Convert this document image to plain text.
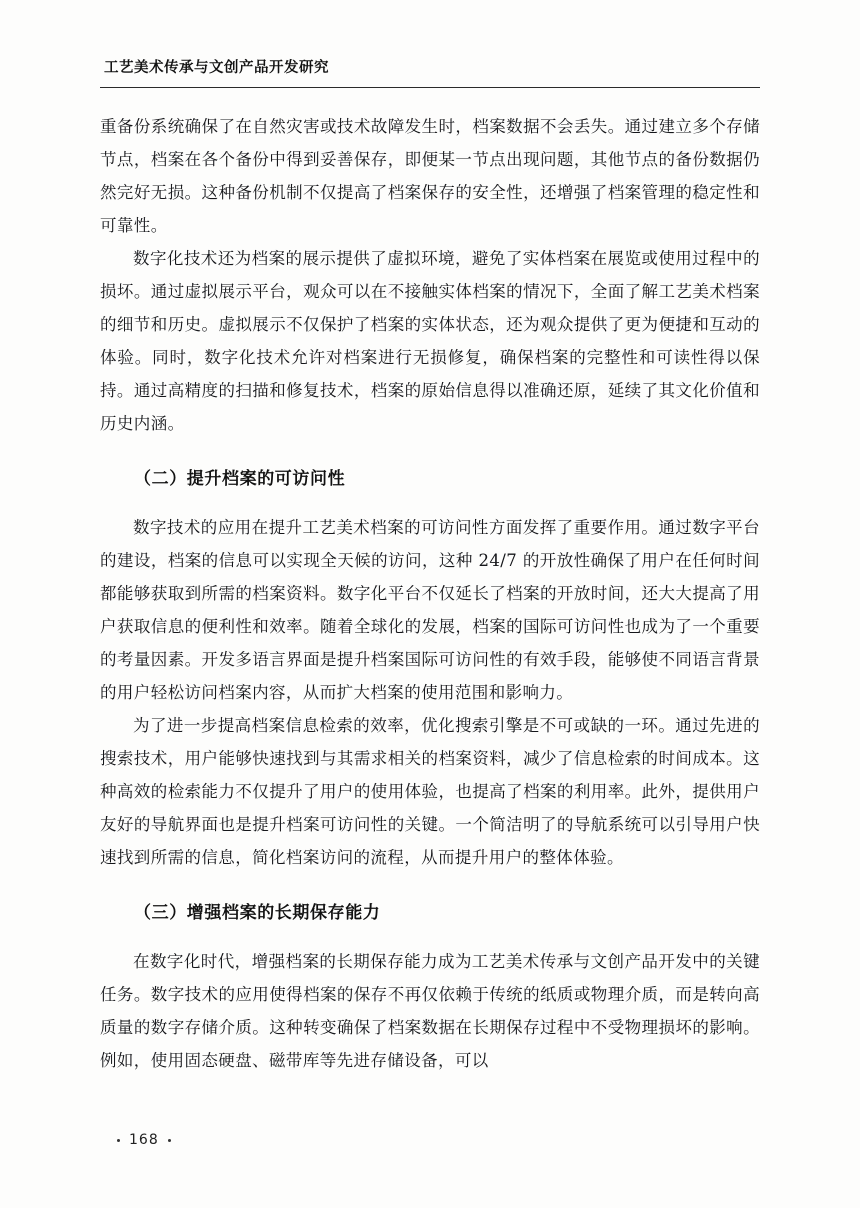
工艺美术传承与文创产品开发研究

重备份系统确保了在自然灾害或技术故障发生时，档案数据不会丢失。通过建立多个存储节点，档案在各个备份中得到妥善保存，即便某一节点出现问题，其他节点的备份数据仍然完好无损。这种备份机制不仅提高了档案保存的安全性，还增强了档案管理的稳定性和可靠性。

数字化技术还为档案的展示提供了虚拟环境，避免了实体档案在展览或使用过程中的损坏。通过虚拟展示平台，观众可以在不接触实体档案的情况下，全面了解工艺美术档案的细节和历史。虚拟展示不仅保护了档案的实体状态，还为观众提供了更为便捷和互动的体验。同时，数字化技术允许对档案进行无损修复，确保档案的完整性和可读性得以保持。通过高精度的扫描和修复技术，档案的原始信息得以准确还原，延续了其文化价值和历史内涵。

（二）提升档案的可访问性

数字技术的应用在提升工艺美术档案的可访问性方面发挥了重要作用。通过数字平台的建设，档案的信息可以实现全天候的访问，这种 24/7 的开放性确保了用户在任何时间都能够获取到所需的档案资料。数字化平台不仅延长了档案的开放时间，还大大提高了用户获取信息的便利性和效率。随着全球化的发展，档案的国际可访问性也成为了一个重要的考量因素。开发多语言界面是提升档案国际可访问性的有效手段，能够使不同语言背景的用户轻松访问档案内容，从而扩大档案的使用范围和影响力。

为了进一步提高档案信息检索的效率，优化搜索引擎是不可或缺的一环。通过先进的搜索技术，用户能够快速找到与其需求相关的档案资料，减少了信息检索的时间成本。这种高效的检索能力不仅提升了用户的使用体验，也提高了档案的利用率。此外，提供用户友好的导航界面也是提升档案可访问性的关键。一个简洁明了的导航系统可以引导用户快速找到所需的信息，简化档案访问的流程，从而提升用户的整体体验。

（三）增强档案的长期保存能力

在数字化时代，增强档案的长期保存能力成为工艺美术传承与文创产品开发中的关键任务。数字技术的应用使得档案的保存不再仅依赖于传统的纸质或物理介质，而是转向高质量的数字存储介质。这种转变确保了档案数据在长期保存过程中不受物理损坏的影响。例如，使用固态硬盘、磁带库等先进存储设备，可以

168
